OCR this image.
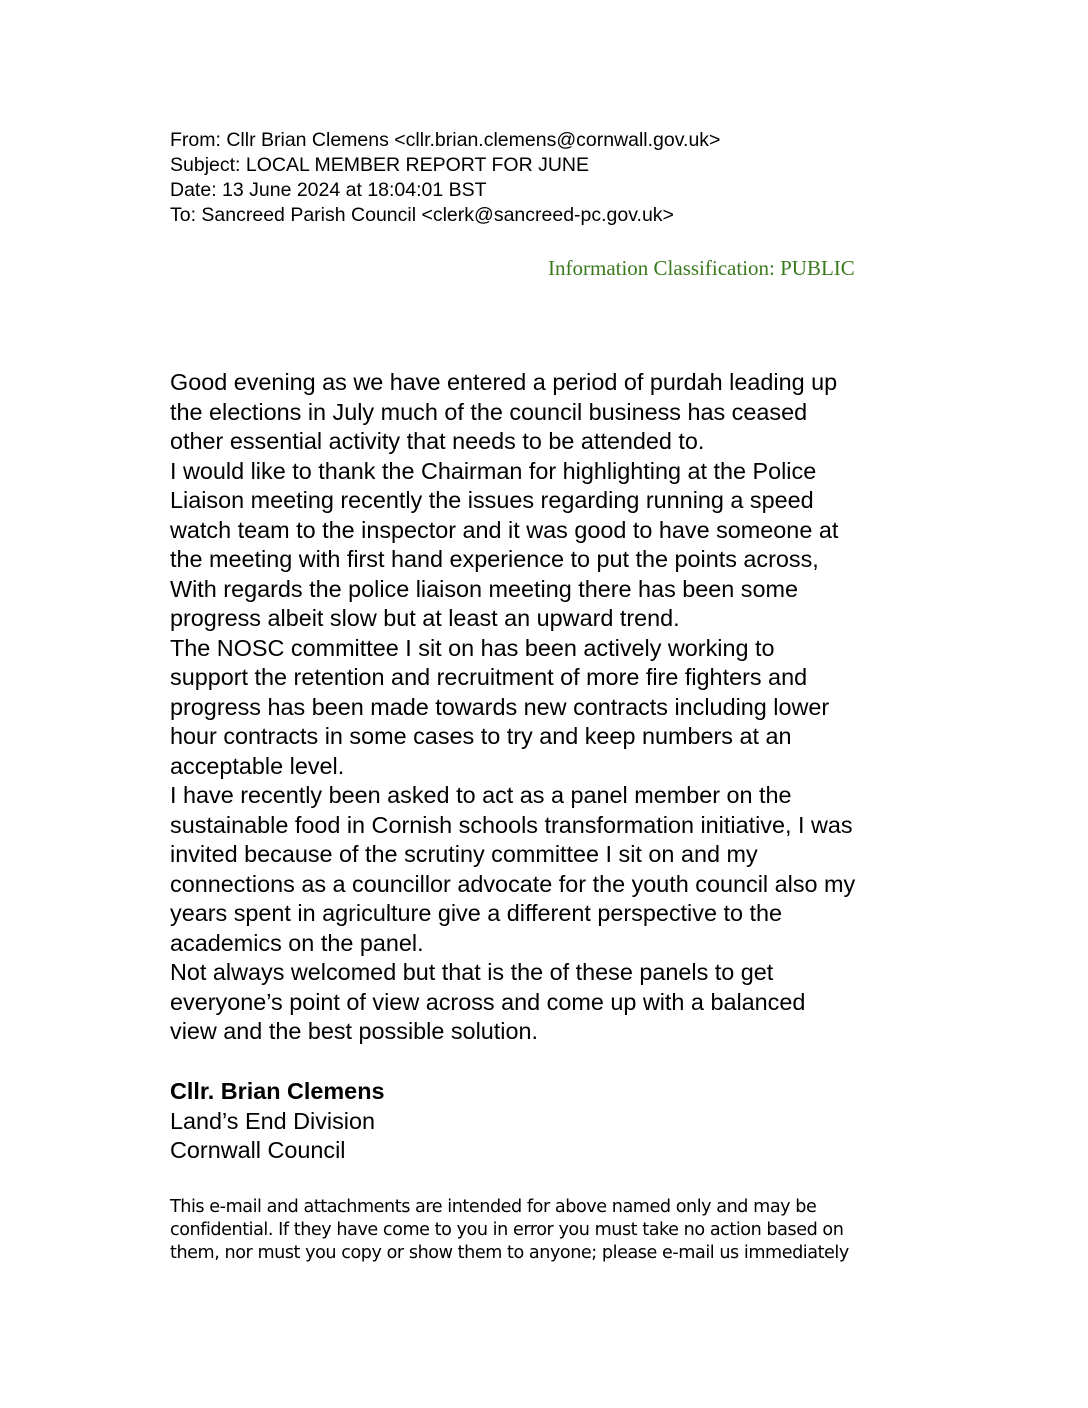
From: Cllr Brian Clemens <cllr.brian.clemens@cornwall.gov.uk>
Subject: LOCAL MEMBER REPORT FOR JUNE
Date: 13 June 2024 at 18:04:01 BST
To: Sancreed Parish Council <clerk@sancreed-pc.gov.uk>
Information Classification: PUBLIC
Good evening as we have entered a period of purdah leading up
the elections in July much of the council business has ceased
other essential activity that needs to be attended to.
I would like to thank the Chairman for highlighting at the Police
Liaison meeting recently the issues regarding running a speed
watch team to the inspector and it was good to have someone at
the meeting with first hand experience to put the points across,
With regards the police liaison meeting there has been some
progress albeit slow but at least an upward trend.
The NOSC committee I sit on has been actively working to
support the retention and recruitment of more fire fighters and
progress has been made towards new contracts including lower
hour contracts in some cases to try and keep numbers at an
acceptable level.
I have recently been asked to act as a panel member on the
sustainable food in Cornish schools transformation initiative, I was
invited because of the scrutiny committee I sit on and my
connections as a councillor advocate for the youth council also my
years spent in agriculture give a different perspective to the
academics on the panel.
Not always welcomed but that is the of these panels to get
everyone’s point of view across and come up with a balanced
view and the best possible solution.
Cllr. Brian Clemens
Land’s End Division
Cornwall Council
This e-mail and attachments are intended for above named only and may be
confidential. If they have come to you in error you must take no action based on
them, nor must you copy or show them to anyone; please e-mail us immediately
